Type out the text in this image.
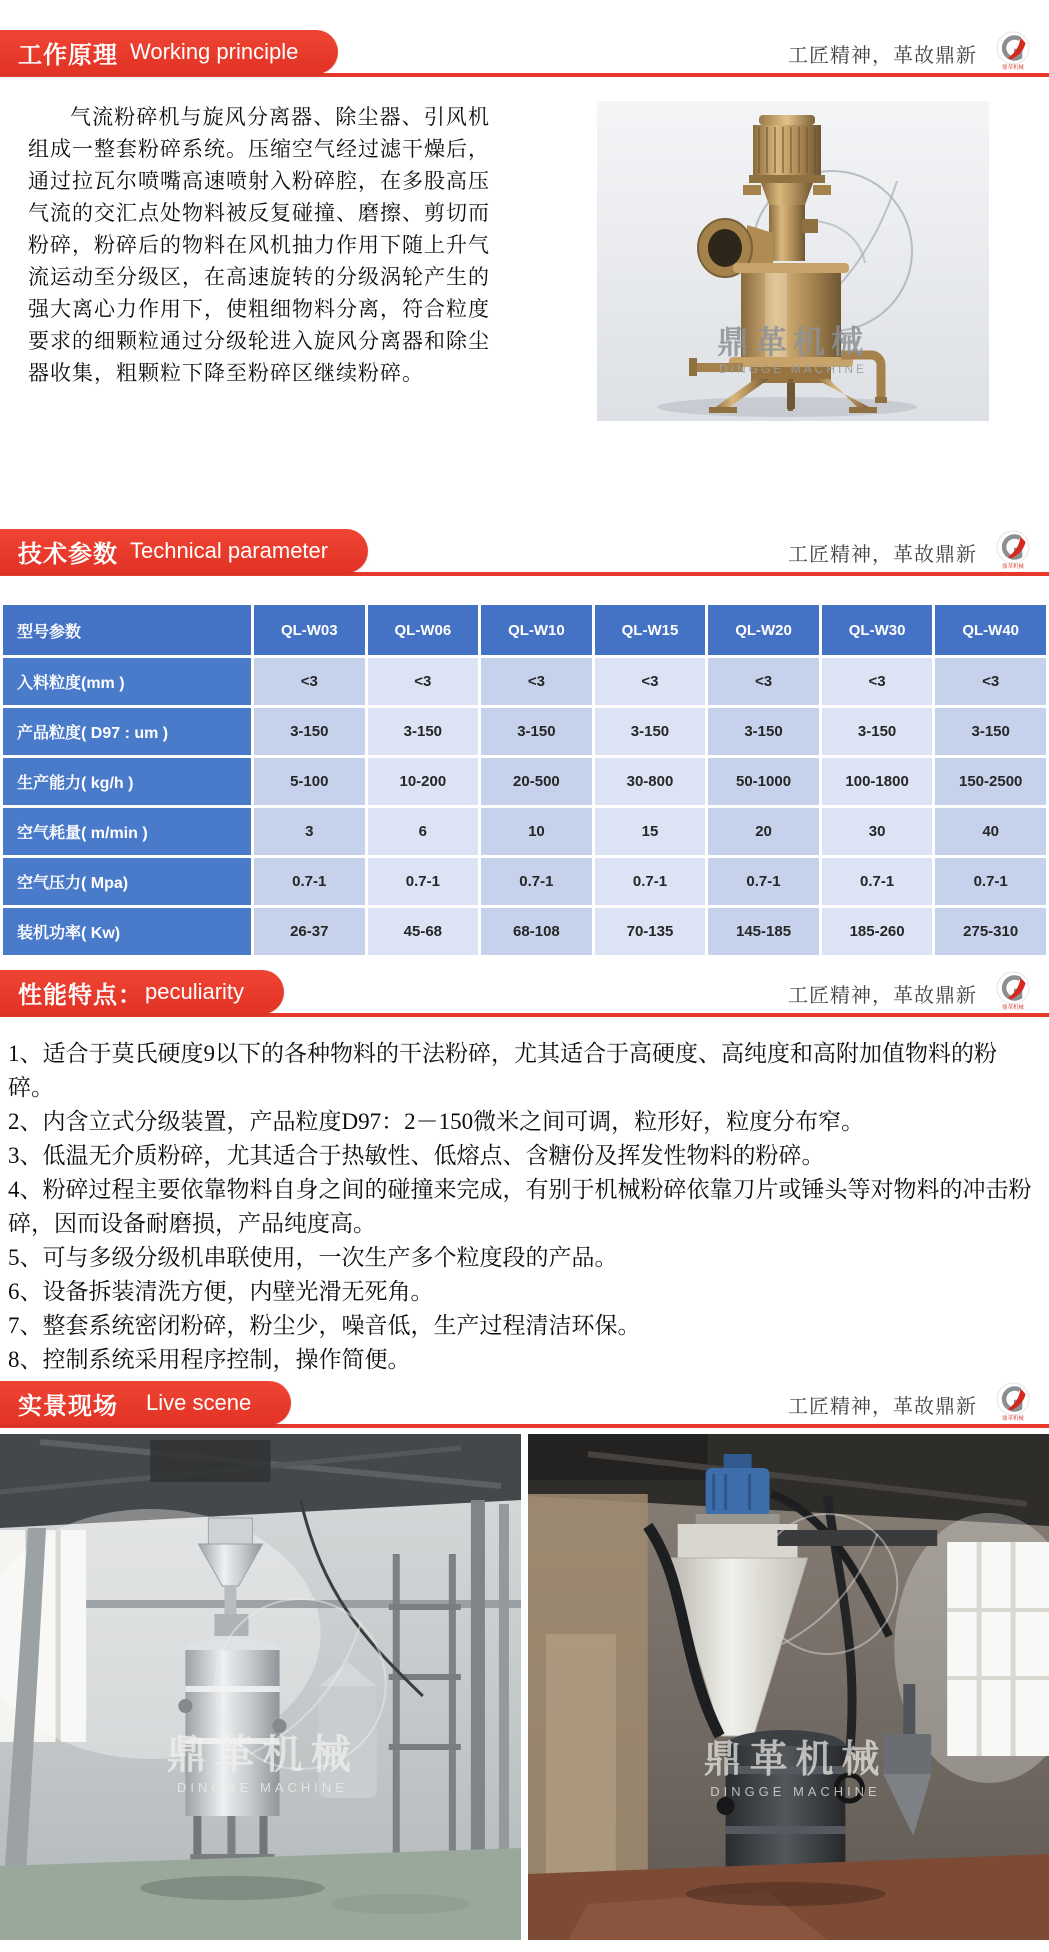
工作原理 Working principle	工匠精神，革故鼎新
鼎革机械

气流粉碎机与旋风分离器、除尘器、引风机组成一整套粉碎系统。压缩空气经过滤干燥后，通过拉瓦尔喷嘴高速喷射入粉碎腔，在多股高压气流的交汇点处物料被反复碰撞、磨擦、剪切而粉碎，粉碎后的物料在风机抽力作用下随上升气流运动至分级区，在高速旋转的分级涡轮产生的强大离心力作用下，使粗细物料分离，符合粒度要求的细颗粒通过分级轮进入旋风分离器和除尘器收集，粗颗粒下降至粉碎区继续粉碎。

鼎革机械
DINGGE MACHINE
技术参数 Technical parameter	工匠精神，革故鼎新
鼎革机械
型号参数	QL-W03	QL-W06	QL-W10	QL-W15	QL-W20	QL-W30	QL-W40
入料粒度(mm )	<3	<3	<3	<3	<3	<3	<3
产品粒度( D97 : um )	3-150	3-150	3-150	3-150	3-150	3-150	3-150
生产能力( kg/h )	5-100	10-200	20-500	30-800	50-1000	100-1800	150-2500
空气耗量( m/min )	3	6	10	15	20	30	40
空气压力( Mpa)	0.7-1	0.7-1	0.7-1	0.7-1	0.7-1	0.7-1	0.7-1
装机功率( Kw)	26-37	45-68	68-108	70-135	145-185	185-260	275-310
性能特点： peculiarity	工匠精神，革故鼎新
鼎革机械
1、适合于莫氏硬度9以下的各种物料的干法粉碎，尤其适合于高硬度、高纯度和高附加值物料的粉碎。
2、内含立式分级装置，产品粒度D97：2－150微米之间可调，粒形好，粒度分布窄。
3、低温无介质粉碎，尤其适合于热敏性、低熔点、含糖份及挥发性物料的粉碎。
4、粉碎过程主要依靠物料自身之间的碰撞来完成，有别于机械粉碎依靠刀片或锤头等对物料的冲击粉碎，因而设备耐磨损，产品纯度高。
5、可与多级分级机串联使用，一次生产多个粒度段的产品。
6、设备拆装清洗方便，内壁光滑无死角。
7、整套系统密闭粉碎，粉尘少，噪音低，生产过程清洁环保。
8、控制系统采用程序控制，操作简便。
实景现场 Live scene	工匠精神，革故鼎新
鼎革机械
鼎革机械
DINGGE MACHINE
鼎革机械
DINGGE MACHINE
